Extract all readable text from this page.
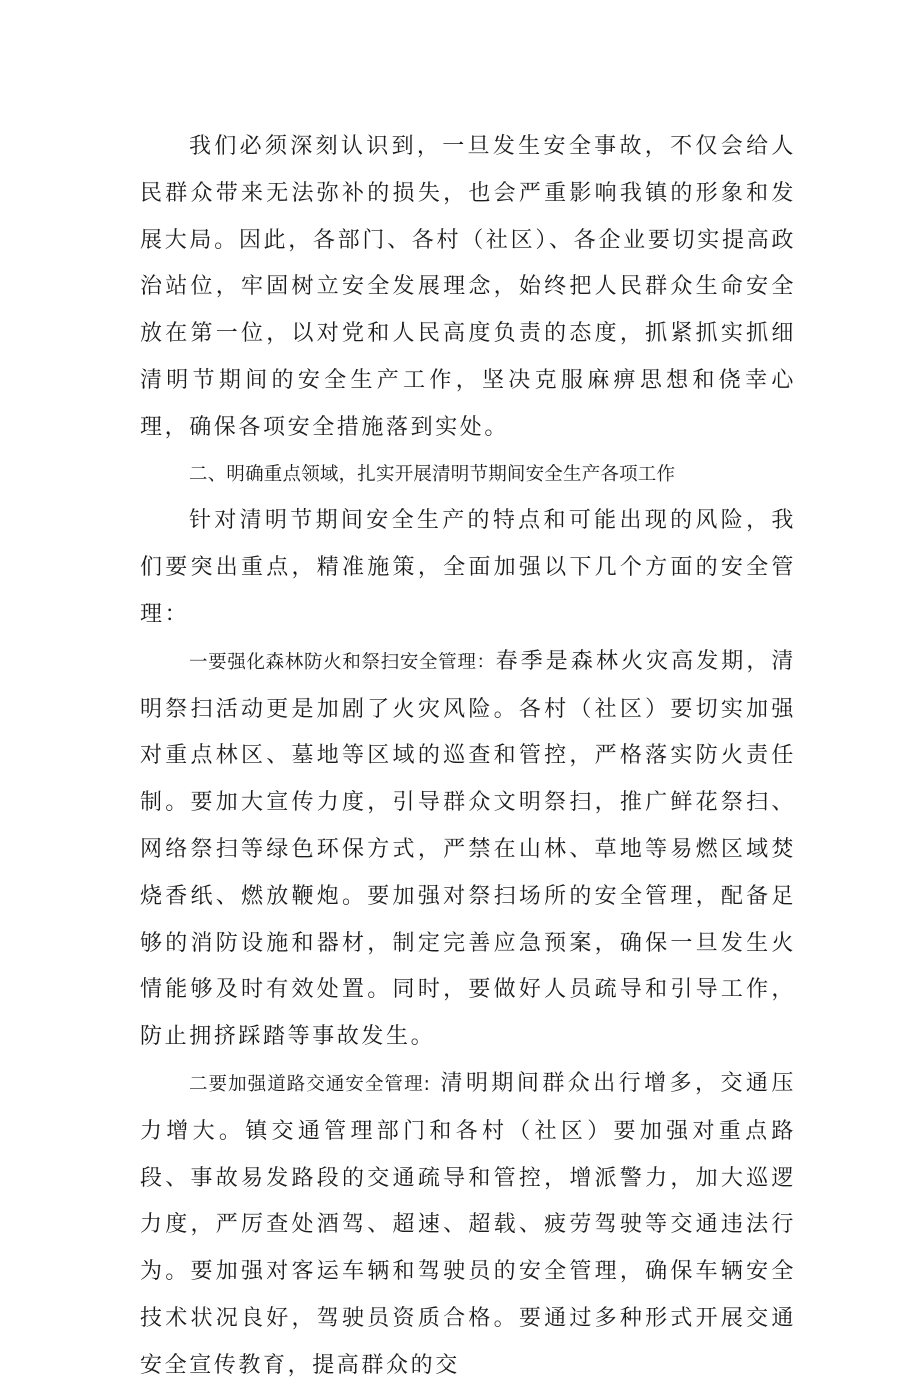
我们必须深刻认识到，一旦发生安全事故，不仅会给人民群众带来无法弥补的损失，也会严重影响我镇的形象和发展大局。因此，各部门、各村（社区）、各企业要切实提高政治站位，牢固树立安全发展理念，始终把人民群众生命安全放在第一位，以对党和人民高度负责的态度，抓紧抓实抓细清明节期间的安全生产工作，坚决克服麻痹思想和侥幸心理，确保各项安全措施落到实处。

二、明确重点领域，扎实开展清明节期间安全生产各项工作

针对清明节期间安全生产的特点和可能出现的风险，我们要突出重点，精准施策，全面加强以下几个方面的安全管理：

一要强化森林防火和祭扫安全管理：春季是森林火灾高发期，清明祭扫活动更是加剧了火灾风险。各村（社区）要切实加强对重点林区、墓地等区域的巡查和管控，严格落实防火责任制。要加大宣传力度，引导群众文明祭扫，推广鲜花祭扫、网络祭扫等绿色环保方式，严禁在山林、草地等易燃区域焚烧香纸、燃放鞭炮。要加强对祭扫场所的安全管理，配备足够的消防设施和器材，制定完善应急预案，确保一旦发生火情能够及时有效处置。同时，要做好人员疏导和引导工作，防止拥挤踩踏等事故发生。

二要加强道路交通安全管理: 清明期间群众出行增多，交通压力增大。镇交通管理部门和各村（社区）要加强对重点路段、事故易发路段的交通疏导和管控，增派警力，加大巡逻力度，严厉查处酒驾、超速、超载、疲劳驾驶等交通违法行为。要加强对客运车辆和驾驶员的安全管理，确保车辆安全技术状况良好，驾驶员资质合格。要通过多种形式开展交通安全宣传教育，提高群众的交
